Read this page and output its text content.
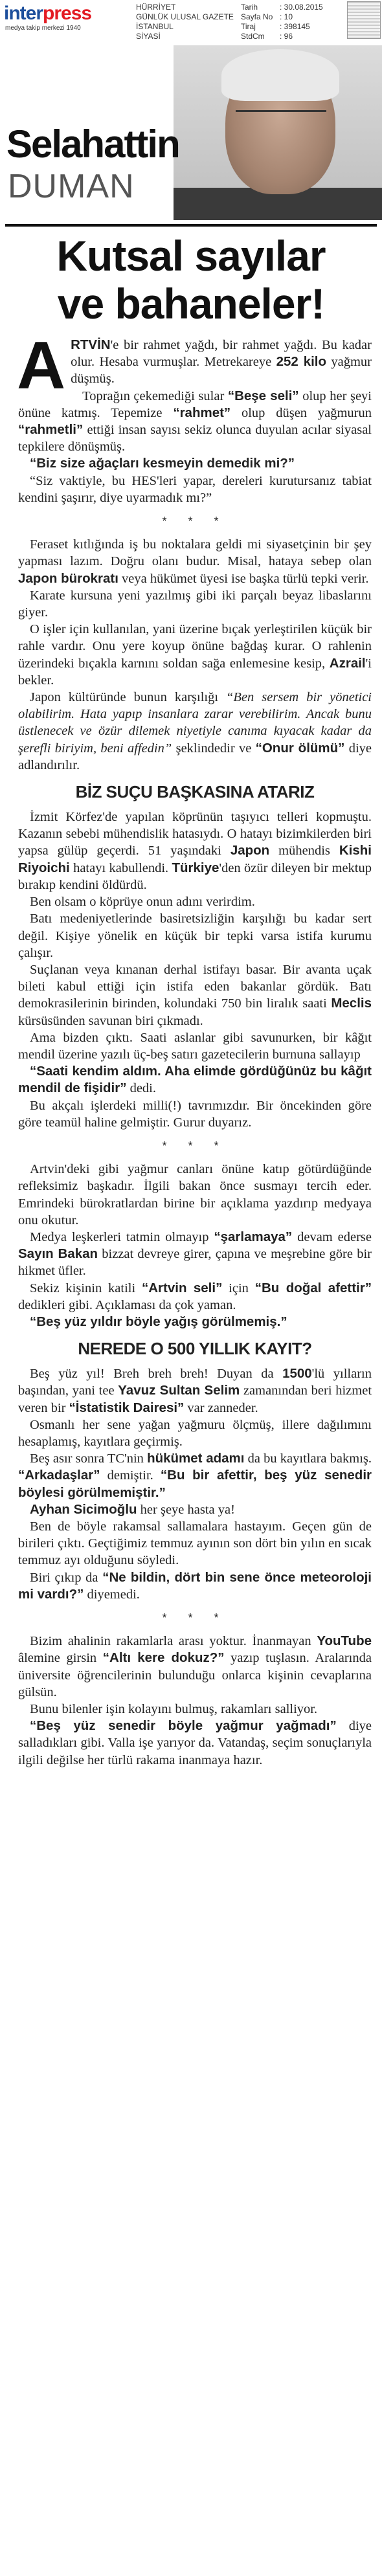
interpress
medya takip merkezi 1940
HÜRRİYET
GÜNLÜK ULUSAL GAZETE
İSTANBUL
SİYASİ
Tarih
Sayfa No
Tiraj
StdCm
: 30.08.2015
: 10
: 398145
: 96
Selahattin
DUMAN
Kutsal sayılar
ve bahaneler!

ARTVİN'e bir rahmet yağdı, bir rahmet yağdı. Bu kadar olur. Hesaba vurmuşlar. Metrekareye 252 kilo yağmur düşmüş.

Toprağın çekemediği sular “Beşe seli” olup her şeyi önüne katmış. Tepemize “rahmet” olup düşen yağmurun “rahmetli” ettiği insan sayısı sekiz olunca duyulan acılar siyasal tepkilere dönüşmüş.

“Biz size ağaçları kesmeyin demedik mi?”

“Siz vaktiyle, bu HES'leri yapar, dereleri kurutursanız tabiat kendini şaşırır, diye uyarmadık mı?”

* * *

Feraset kıtlığında iş bu noktalara geldi mi siyasetçinin bir şey yapması lazım. Doğru olanı budur. Misal, hataya sebep olan Japon bürokratı veya hükümet üyesi ise başka türlü tepki verir.

Karate kursuna yeni yazılmış gibi iki parçalı beyaz libaslarını giyer.

O işler için kullanılan, yani üzerine bıçak yerleştirilen küçük bir rahle vardır. Onu yere koyup önüne bağdaş kurar. O rahlenin üzerindeki bıçakla karnını soldan sağa enlemesine kesip, Azrail'i bekler.

Japon kültüründe bunun karşılığı “Ben sersem bir yönetici olabilirim. Hata yapıp insanlara zarar verebilirim. Ancak bunu üstlenecek ve özür dilemek niyetiyle canıma kıyacak kadar da şerefli biriyim, beni affedin” şeklindedir ve “Onur ölümü” diye adlandırılır.

BİZ SUÇU BAŞKASINA ATARIZ

İzmit Körfez'de yapılan köprünün taşıyıcı telleri kopmuştu. Kazanın sebebi mühendislik hatasıydı. O hatayı bizimkilerden biri yapsa gülüp geçerdi. 51 yaşındaki Japon mühendis Kishi Riyoichi hatayı kabullendi. Türkiye'den özür dileyen bir mektup bırakıp kendini öldürdü.

Ben olsam o köprüye onun adını verirdim.

Batı medeniyetlerinde basiretsizliğin karşılığı bu kadar sert değil. Kişiye yönelik en küçük bir tepki varsa istifa kurumu çalışır.

Suçlanan veya kınanan derhal istifayı basar. Bir avanta uçak bileti kabul ettiği için istifa eden bakanlar gördük. Batı demokrasilerinin birinden, kolundaki 750 bin liralık saati Meclis kürsüsünden savunan biri çıkmadı.

Ama bizden çıktı. Saati aslanlar gibi savunurken, bir kâğıt mendil üzerine yazılı üç-beş satırı gazetecilerin burnuna sallayıp

“Saati kendim aldım. Aha elimde gördüğünüz bu kâğıt mendil de fişidir” dedi.

Bu akçalı işlerdeki milli(!) tavrımızdır. Bir öncekinden göre göre teamül haline gelmiştir. Gurur duyarız.

* * *

Artvin'deki gibi yağmur canları önüne katıp götürdüğünde refleksimiz başkadır. İlgili bakan önce susmayı tercih eder. Emrindeki bürokratlardan birine bir açıklama yazdırıp medyaya onu okutur.

Medya leşkerleri tatmin olmayıp “şarlamaya” devam ederse Sayın Bakan bizzat devreye girer, çapına ve meşrebine göre bir hikmet üfler.

Sekiz kişinin katili “Artvin seli” için “Bu doğal afettir” dedikleri gibi. Açıklaması da çok yaman.

“Beş yüz yıldır böyle yağış görülmemiş.”

NEREDE O 500 YILLIK KAYIT?

Beş yüz yıl! Breh breh breh! Duyan da 1500'lü yılların başından, yani tee Yavuz Sultan Selim zamanından beri hizmet veren bir “İstatistik Dairesi” var zanneder.

Osmanlı her sene yağan yağmuru ölçmüş, illere dağılımını hesaplamış, kayıtlara geçirmiş.

Beş asır sonra TC'nin hükümet adamı da bu kayıtlara bakmış. “Arkadaşlar” demiştir. “Bu bir afettir, beş yüz senedir böylesi görülmemiştir.”

Ayhan Sicimoğlu her şeye hasta ya!

Ben de böyle rakamsal sallamalara hastayım. Geçen gün de birileri çıktı. Geçtiğimiz temmuz ayının son dört bin yılın en sıcak temmuz ayı olduğunu söyledi.

Biri çıkıp da “Ne bildin, dört bin sene önce meteoroloji mi vardı?” diyemedi.

* * *

Bizim ahalinin rakamlarla arası yoktur. İnanmayan YouTube âlemine girsin “Altı kere dokuz?” yazıp tuşlasın. Aralarında üniversite öğrencilerinin bulunduğu onlarca kişinin cevaplarına gülsün.

Bunu bilenler işin kolayını bulmuş, rakamları salliyor.

“Beş yüz senedir böyle yağmur yağmadı” diye salladıkları gibi. Valla işe yarıyor da. Vatandaş, seçim sonuçlarıyla ilgili değilse her türlü rakama inanmaya hazır.
